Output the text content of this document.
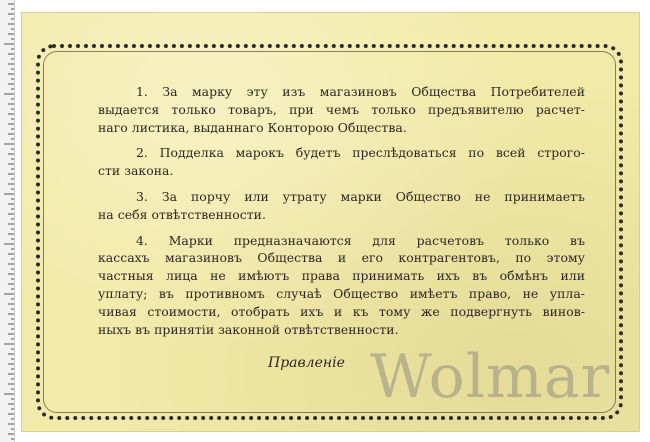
1. За марку эту изъ магазиновъ Общества Потребителей
выдается только товаръ, при чемъ только предъявителю расчет-
наго листика, выданнаго Конторою Общества.
2. Подделка марокъ будетъ преслѣдоваться по всей строго-
сти закона.
3. За порчу или утрату марки Общество не принимаетъ
на себя отвѣтственности.
4. Марки предназначаются для расчетовъ только въ
кассахъ магазиновъ Общества и его контрагентовъ, по этому
частныя лица не имѣютъ права принимать ихъ въ обмѣнъ или
уплату; въ противномъ случаѣ Общество имѣетъ право, не упла-
чивая стоимости, отобрать ихъ и къ тому же подвергнуть винов-
ныхъ въ принятiи законной отвѣтственности.
Правленiе Wolmar
